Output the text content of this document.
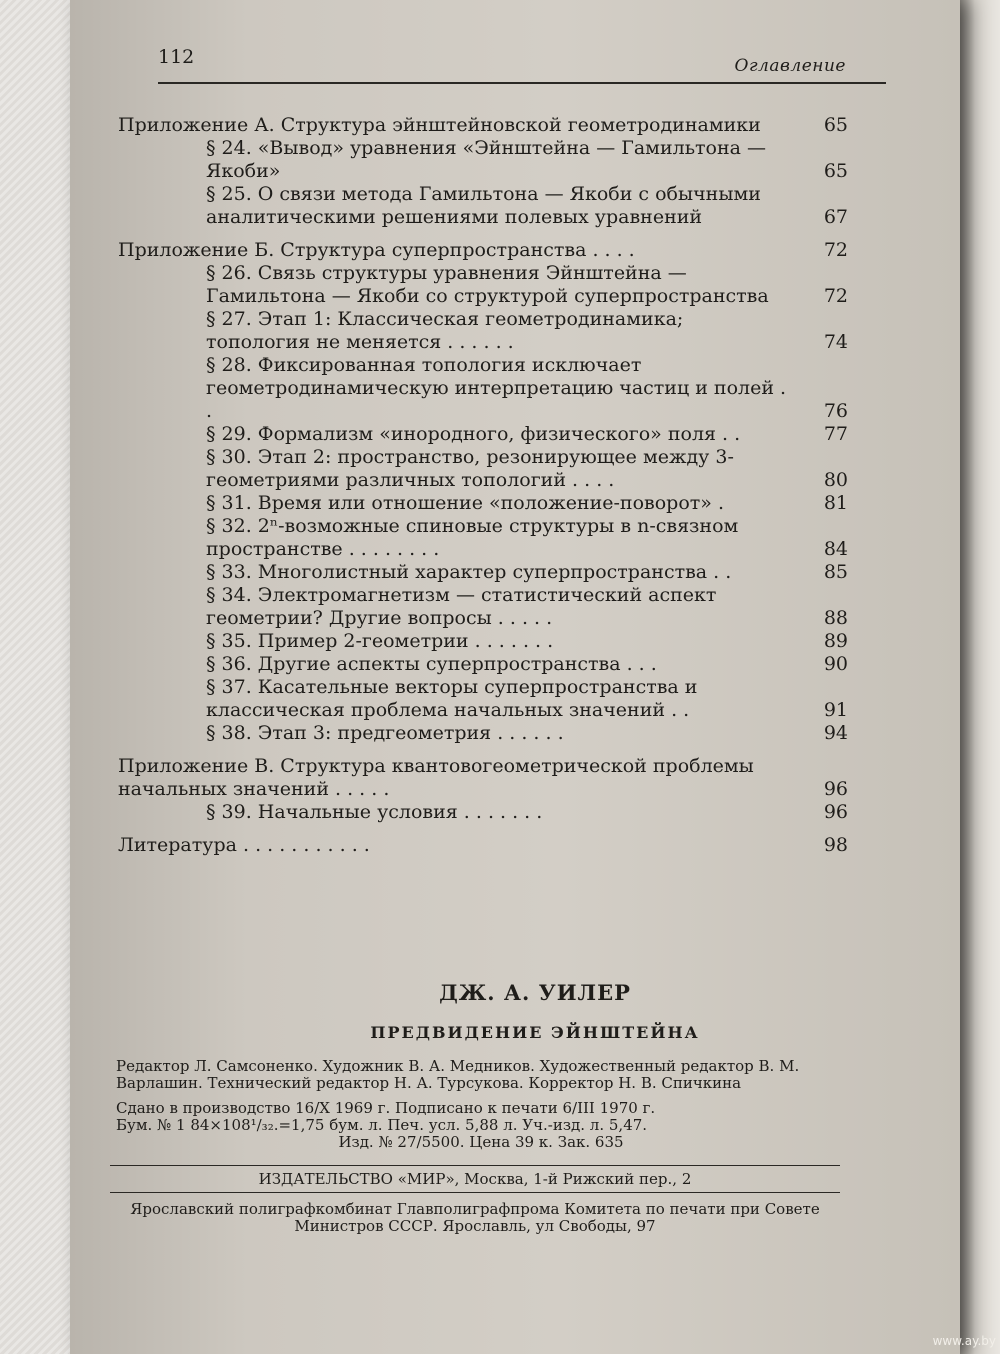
112	Оглавление
Приложение А. Структура эйнштейновской геометродинамики	65
§ 24. «Вывод» уравнения «Эйнштейна — Гамильтона — Якоби»	65
§ 25. О связи метода Гамильтона — Якоби с обычными аналитическими решениями полевых уравнений	67
Приложение Б. Структура суперпространства . . . .	72
§ 26. Связь структуры уравнения Эйнштейна — Гамильтона — Якоби со структурой суперпространства	72
§ 27. Этап 1: Классическая геометродинамика; топология не меняется . . . . . .	74
§ 28. Фиксированная топология исключает геометродинамическую интерпретацию частиц и полей . .	76
§ 29. Формализм «инородного, физического» поля . .	77
§ 30. Этап 2: пространство, резонирующее между 3-геометриями различных топологий . . . .	80
§ 31. Время или отношение «положение-поворот» .	81
§ 32. 2ⁿ-возможные спиновые структуры в n-связном пространстве . . . . . . . .	84
§ 33. Многолистный характер суперпространства . .	85
§ 34. Электромагнетизм — статистический аспект геометрии? Другие вопросы . . . . .	88
§ 35. Пример 2-геометрии . . . . . . .	89
§ 36. Другие аспекты суперпространства . . .	90
§ 37. Касательные векторы суперпространства и классическая проблема начальных значений . .	91
§ 38. Этап 3: предгеометрия . . . . . .	94
Приложение В. Структура квантовогеометрической проблемы начальных значений . . . . .	96
§ 39. Начальные условия . . . . . . .	96
Литература . . . . . . . . . . .	98
ДЖ. А. УИЛЕР
ПРЕДВИДЕНИЕ ЭЙНШТЕЙНА
Редактор Л. Самсоненко. Художник В. А. Медников. Художественный редактор В. М. Варлашин. Технический редактор Н. А. Турсукова. Корректор Н. В. Спичкина
Сдано в производство 16/X 1969 г. Подписано к печати 6/III 1970 г.
Бум. № 1 84×108¹/₃₂.=1,75 бум. л. Печ. усл. 5,88 л. Уч.-изд. л. 5,47.
Изд. № 27/5500. Цена 39 к. Зак. 635
ИЗДАТЕЛЬСТВО «МИР», Москва, 1-й Рижский пер., 2
Ярославский полиграфкомбинат Главполиграфпрома Комитета по печати при Совете Министров СССР. Ярославль, ул Свободы, 97
www.ay.by
